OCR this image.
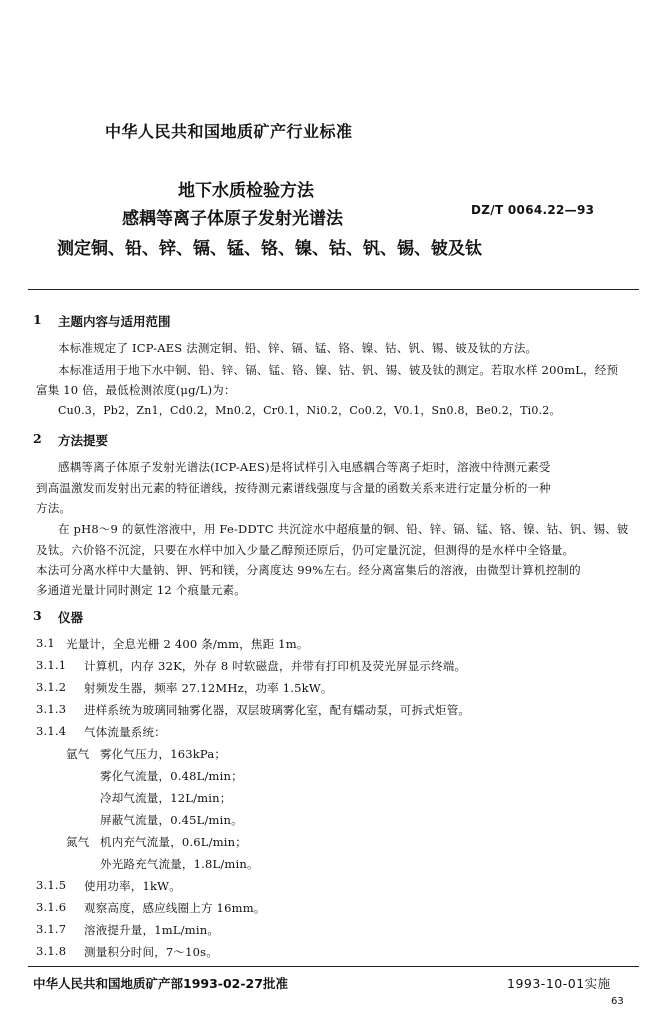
中华人民共和国地质矿产行业标准
地下水质检验方法
感耦等离子体原子发射光谱法	DZ/T 0064.22—93
测定铜、铅、锌、镉、锰、铬、镍、钴、钒、锡、铍及钛
1 主题内容与适用范围
本标准规定了 ICP-AES 法测定铜、铅、锌、镉、锰、铬、镍、钴、钒、锡、铍及钛的方法。
本标准适用于地下水中铜、铅、锌、镉、锰、铬、镍、钴、钒、锡、铍及钛的测定。若取水样 200mL，经预
富集 10 倍，最低检测浓度(μg/L)为：
Cu0.3，Pb2，Zn1，Cd0.2，Mn0.2，Cr0.1，Ni0.2，Co0.2，V0.1，Sn0.8，Be0.2，Ti0.2。
2 方法提要
感耦等离子体原子发射光谱法(ICP-AES)是将试样引入电感耦合等离子炬时，溶液中待测元素受
到高温激发而发射出元素的特征谱线，按待测元素谱线强度与含量的函数关系来进行定量分析的一种
方法。
在 pH8～9 的氨性溶液中，用 Fe-DDTC 共沉淀水中超痕量的铜、铅、锌、镉、锰、铬、镍、钴、钒、锡、铍
及钛。六价铬不沉淀，只要在水样中加入少量乙醇预还原后，仍可定量沉淀，但测得的是水样中全铬量。
本法可分离水样中大量钠、钾、钙和镁，分离度达 99%左右。经分离富集后的溶液，由微型计算机控制的
多通道光量计同时测定 12 个痕量元素。
3 仪器
3.1 光量计，全息光栅 2 400 条/mm，焦距 1m。
3.1.1 计算机，内存 32K，外存 8 吋软磁盘，并带有打印机及荧光屏显示终端。
3.1.2 射频发生器，频率 27.12MHz，功率 1.5kW。
3.1.3 进样系统为玻璃同轴雾化器，双层玻璃雾化室，配有蠕动泵，可拆式炬管。
3.1.4 气体流量系统：
氩气 雾化气压力，163kPa；
雾化气流量，0.48L/min；
冷却气流量，12L/min；
屏蔽气流量，0.45L/min。
氮气 机内充气流量，0.6L/min；
外光路充气流量，1.8L/min。
3.1.5 使用功率，1kW。
3.1.6 观察高度，感应线圈上方 16mm。
3.1.7 溶液提升量，1mL/min。
3.1.8 测量积分时间，7～10s。
中华人民共和国地质矿产部1993-02-27批准	1993-10-01实施
63
